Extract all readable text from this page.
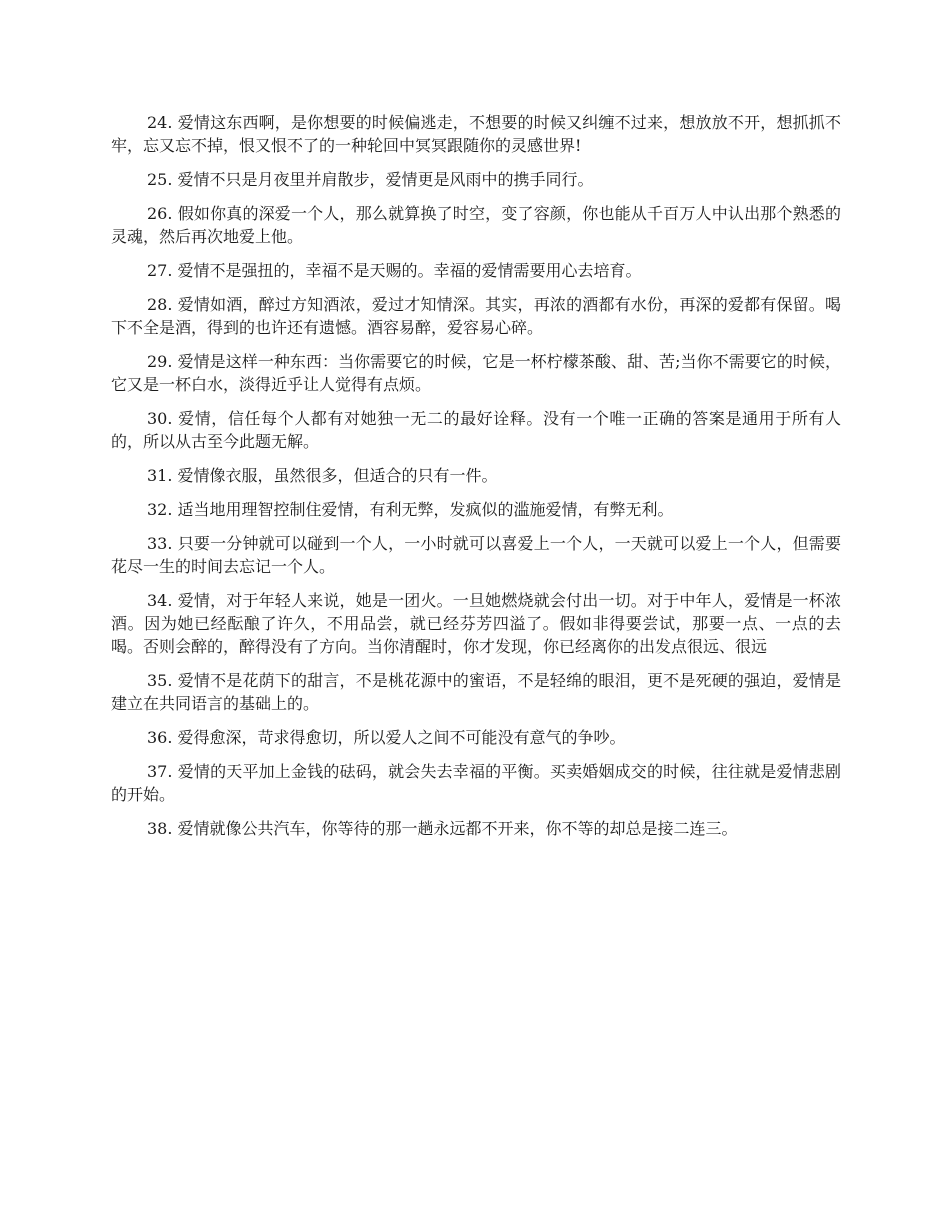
24. 爱情这东西啊，是你想要的时候偏逃走，不想要的时候又纠缠不过来，想放放不开，想抓抓不牢，忘又忘不掉，恨又恨不了的一种轮回中冥冥跟随你的灵感世界!

25. 爱情不只是月夜里并肩散步，爱情更是风雨中的携手同行。

26. 假如你真的深爱一个人，那么就算换了时空，变了容颜，你也能从千百万人中认出那个熟悉的灵魂，然后再次地爱上他。

27. 爱情不是强扭的，幸福不是天赐的。幸福的爱情需要用心去培育。

28. 爱情如酒，醉过方知酒浓，爱过才知情深。其实，再浓的酒都有水份，再深的爱都有保留。喝下不全是酒，得到的也许还有遗憾。酒容易醉，爱容易心碎。

29. 爱情是这样一种东西：当你需要它的时候，它是一杯柠檬茶酸、甜、苦;当你不需要它的时候，它又是一杯白水，淡得近乎让人觉得有点烦。

30. 爱情，信任每个人都有对她独一无二的最好诠释。没有一个唯一正确的答案是通用于所有人的，所以从古至今此题无解。

31. 爱情像衣服，虽然很多，但适合的只有一件。

32. 适当地用理智控制住爱情，有利无弊，发疯似的滥施爱情，有弊无利。

33. 只要一分钟就可以碰到一个人，一小时就可以喜爱上一个人，一天就可以爱上一个人，但需要花尽一生的时间去忘记一个人。

34. 爱情，对于年轻人来说，她是一团火。一旦她燃烧就会付出一切。对于中年人，爱情是一杯浓酒。因为她已经酝酿了许久，不用品尝，就已经芬芳四溢了。假如非得要尝试，那要一点、一点的去喝。否则会醉的，醉得没有了方向。当你清醒时，你才发现，你已经离你的出发点很远、很远

35. 爱情不是花荫下的甜言，不是桃花源中的蜜语，不是轻绵的眼泪，更不是死硬的强迫，爱情是建立在共同语言的基础上的。

36. 爱得愈深，苛求得愈切，所以爱人之间不可能没有意气的争吵。

37. 爱情的天平加上金钱的砝码，就会失去幸福的平衡。买卖婚姻成交的时候，往往就是爱情悲剧的开始。

38. 爱情就像公共汽车，你等待的那一趟永远都不开来，你不等的却总是接二连三。
